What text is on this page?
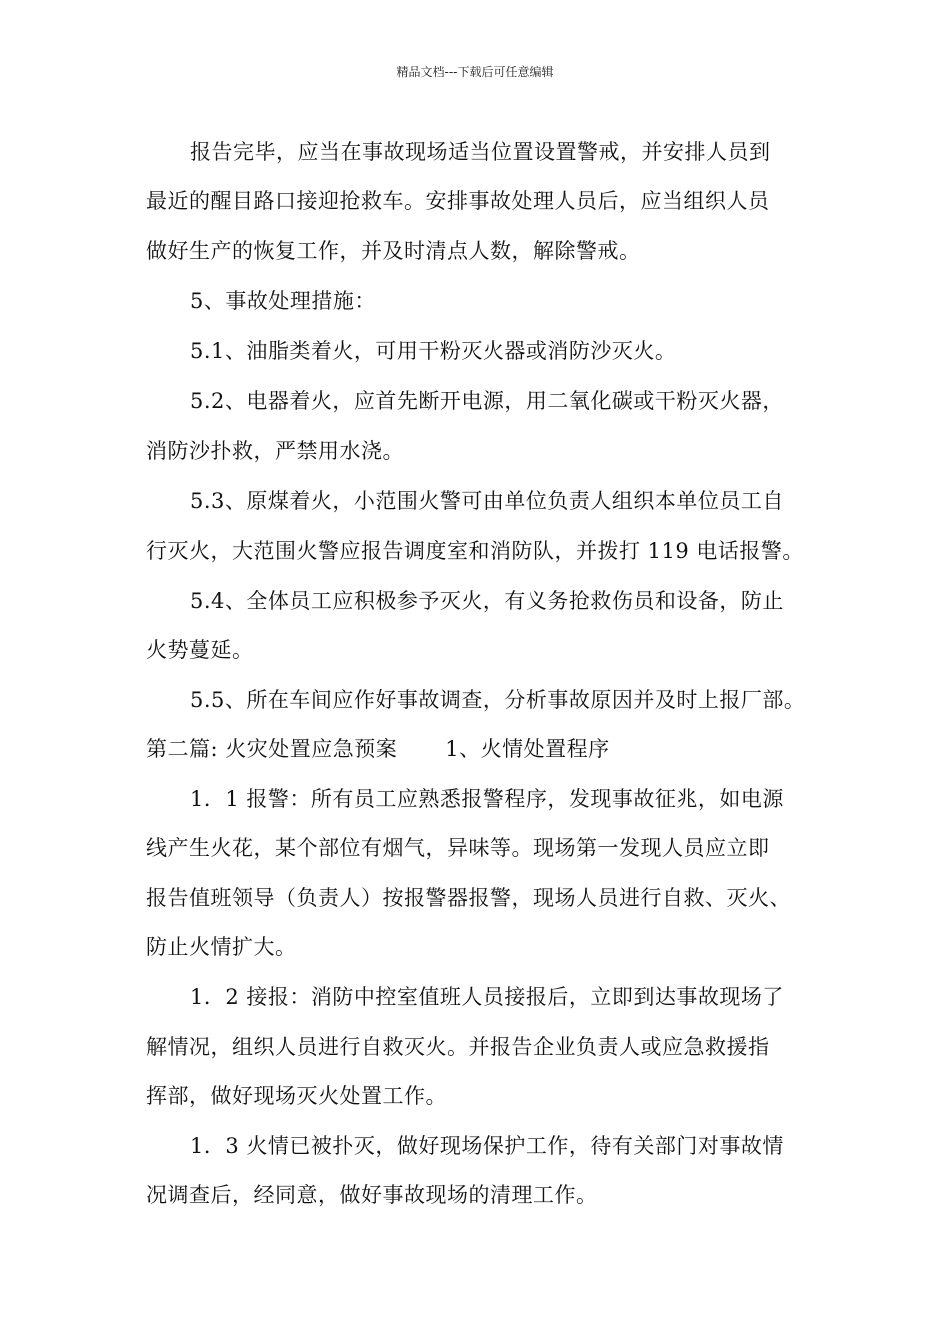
精品文档---下载后可任意编辑
报告完毕，应当在事故现场适当位置设置警戒，并安排人员到
最近的醒目路口接迎抢救车。安排事故处理人员后，应当组织人员
做好生产的恢复工作，并及时清点人数，解除警戒。
5、事故处理措施：
5.1、油脂类着火，可用干粉灭火器或消防沙灭火。
5.2、电器着火，应首先断开电源，用二氧化碳或干粉灭火器，
消防沙扑救，严禁用水浇。
5.3、原煤着火，小范围火警可由单位负责人组织本单位员工自
行灭火，大范围火警应报告调度室和消防队，并拨打 119 电话报警。
5.4、全体员工应积极参予灭火，有义务抢救伤员和设备，防止
火势蔓延。
5.5、所在车间应作好事故调查，分析事故原因并及时上报厂部。
第二篇: 火灾处置应急预案 1、火情处置程序
1．1 报警：所有员工应熟悉报警程序，发现事故征兆，如电源
线产生火花，某个部位有烟气，异味等。现场第一发现人员应立即
报告值班领导（负责人）按报警器报警，现场人员进行自救、灭火、
防止火情扩大。
1．2 接报：消防中控室值班人员接报后，立即到达事故现场了
解情况，组织人员进行自救灭火。并报告企业负责人或应急救援指
挥部，做好现场灭火处置工作。
1．3 火情已被扑灭，做好现场保护工作，待有关部门对事故情
况调查后，经同意，做好事故现场的清理工作。
